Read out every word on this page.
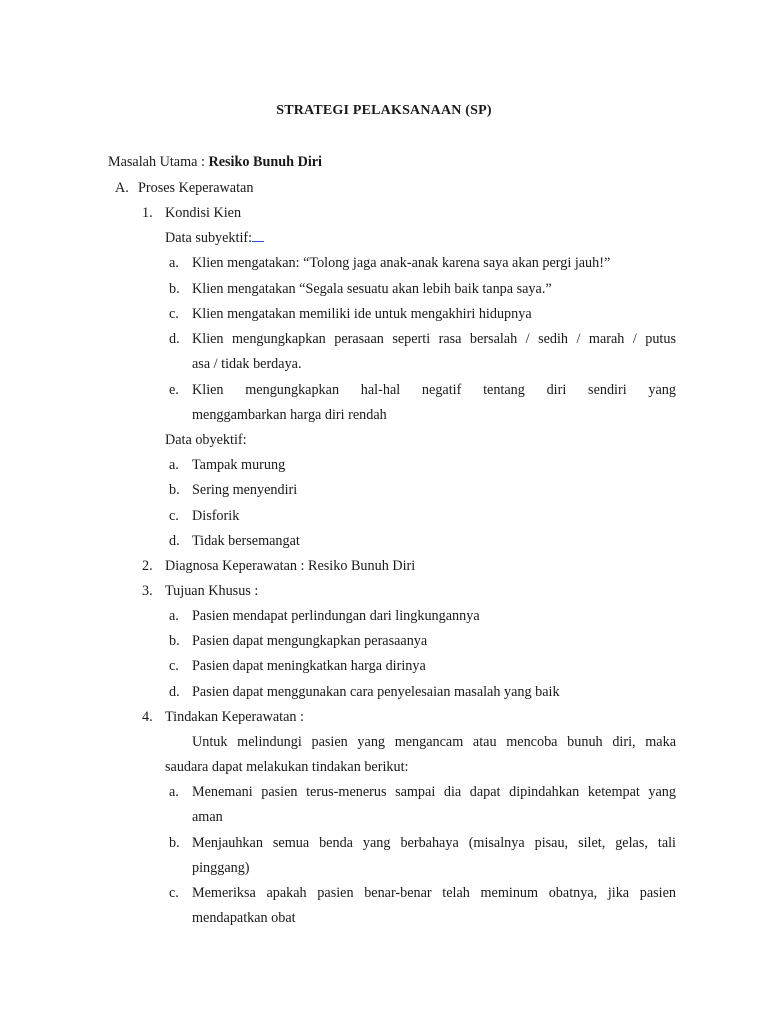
STRATEGI PELAKSANAAN (SP)
Masalah Utama : Resiko Bunuh Diri
A. Proses Keperawatan
1. Kondisi Kien
Data subyektif:
a. Klien mengatakan: “Tolong jaga anak-anak karena saya akan pergi jauh!”
b. Klien mengatakan “Segala sesuatu akan lebih baik tanpa saya.”
c. Klien mengatakan memiliki ide untuk mengakhiri hidupnya
d. Klien mengungkapkan perasaan seperti rasa bersalah / sedih / marah / putus
asa / tidak berdaya.
e. Klien mengungkapkan hal-hal negatif tentang diri sendiri yang
menggambarkan harga diri rendah
Data obyektif:
a. Tampak murung
b. Sering menyendiri
c. Disforik
d. Tidak bersemangat
2. Diagnosa Keperawatan : Resiko Bunuh Diri
3. Tujuan Khusus :
a. Pasien mendapat perlindungan dari lingkungannya
b. Pasien dapat mengungkapkan perasaanya
c. Pasien dapat meningkatkan harga dirinya
d. Pasien dapat menggunakan cara penyelesaian masalah yang baik
4. Tindakan Keperawatan :
Untuk melindungi pasien yang mengancam atau mencoba bunuh diri, maka
saudara dapat melakukan tindakan berikut:
a. Menemani pasien terus-menerus sampai dia dapat dipindahkan ketempat yang
aman
b. Menjauhkan semua benda yang berbahaya (misalnya pisau, silet, gelas, tali
pinggang)
c. Memeriksa apakah pasien benar-benar telah meminum obatnya, jika pasien
mendapatkan obat
